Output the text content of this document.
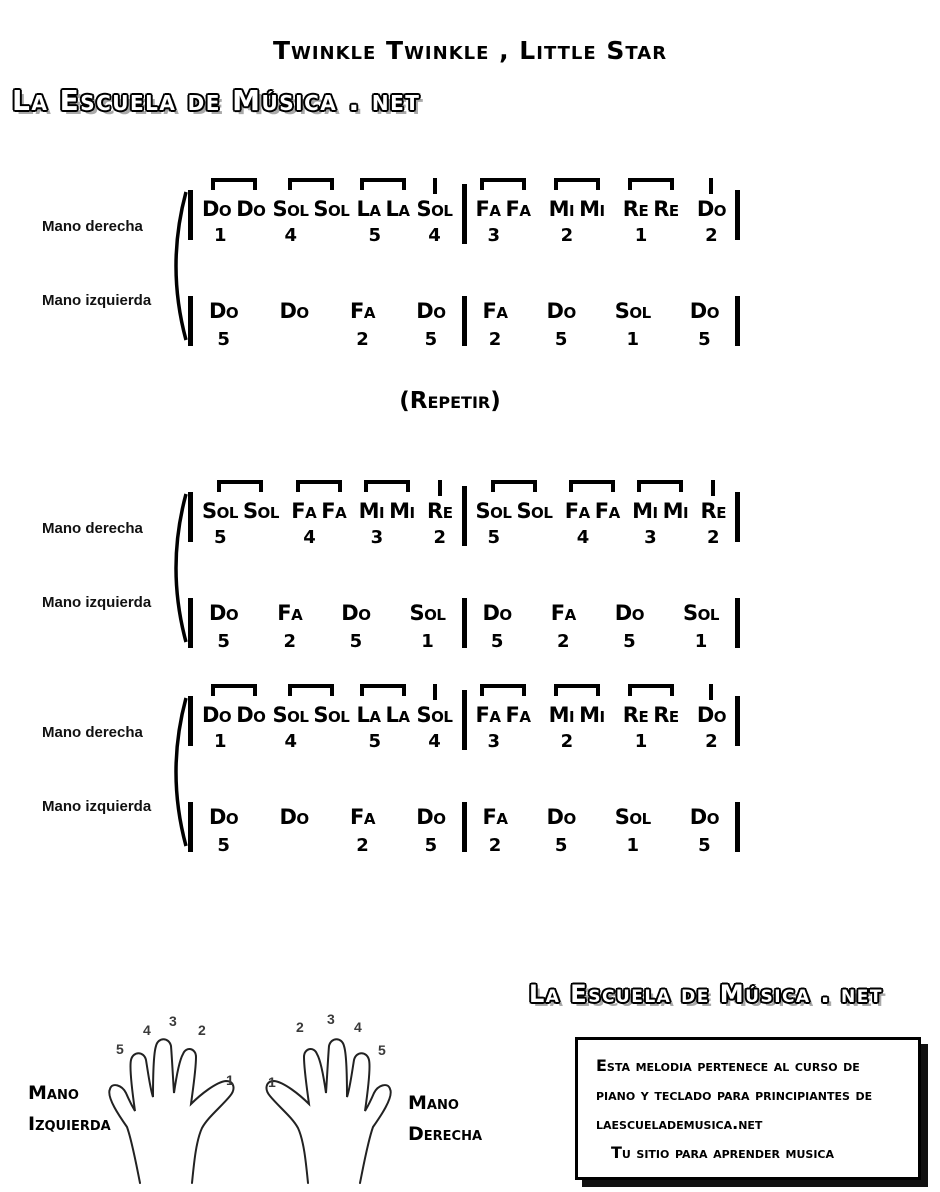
Twinkle Twinkle , Little Star
La Escuela de Música . net
Mano derecha
Mano izquierda
Do Do
1
Sol Sol
4
La La
5
Sol
4
Fa Fa
3
Mi Mi
2
Re Re
1
Do
2
Do
5
Do
Fa
2
Do
5
Fa
2
Do
5
Sol
1
Do
5
(Repetir)
Mano derecha
Mano izquierda
Sol Sol
5
Fa Fa
4
Mi Mi
3
Re
2
Sol Sol
5
Fa Fa
4
Mi Mi
3
Re
2
Do
5
Fa
2
Do
5
Sol
1
Do
5
Fa
2
Do
5
Sol
1
Mano derecha
Mano izquierda
Do Do
1
Sol Sol
4
La La
5
Sol
4
Fa Fa
3
Mi Mi
2
Re Re
1
Do
2
Do
5
Do
Fa
2
Do
5
Fa
2
Do
5
Sol
1
Do
5
La Escuela de Música . net
5
4
3
2
1 1
2 3 4
5
Mano
Izquierda
Mano
Derecha
Esta melodia pertenece al curso de
piano y teclado para principiantes de
laescuelademusica.net
Tu sitio para aprender musica
